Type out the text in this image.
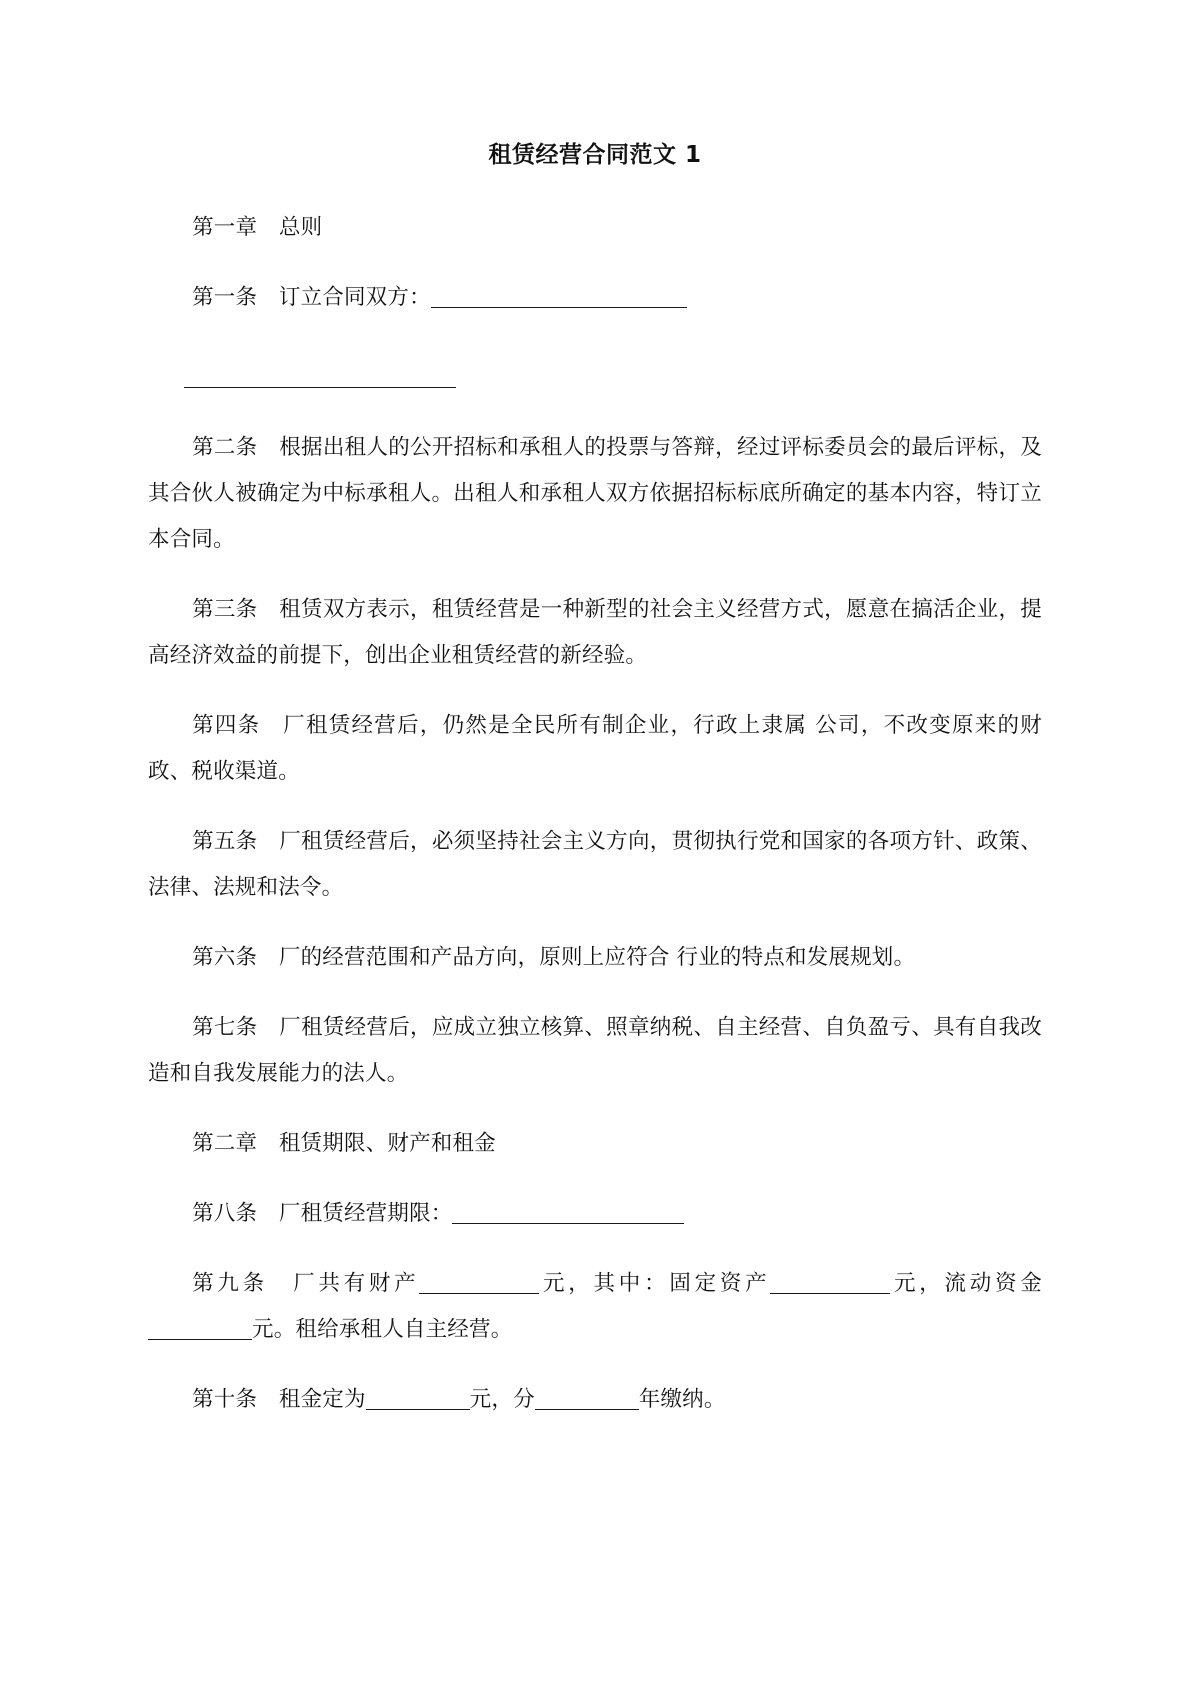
租赁经营合同范文 1

第一章　总则

第一条　订立合同双方：

第二条　根据出租人的公开招标和承租人的投票与答辩，经过评标委员会的最后评标，及其合伙人被确定为中标承租人。出租人和承租人双方依据招标标底所确定的基本内容，特订立本合同。

第三条　租赁双方表示，租赁经营是一种新型的社会主义经营方式，愿意在搞活企业，提高经济效益的前提下，创出企业租赁经营的新经验。

第四条　厂租赁经营后，仍然是全民所有制企业，行政上隶属 公司，不改变原来的财政、税收渠道。

第五条　厂租赁经营后，必须坚持社会主义方向，贯彻执行党和国家的各项方针、政策、法律、法规和法令。

第六条　厂的经营范围和产品方向，原则上应符合 行业的特点和发展规划。

第七条　厂租赁经营后，应成立独立核算、照章纳税、自主经营、自负盈亏、具有自我改造和自我发展能力的法人。

第二章　租赁期限、财产和租金

第八条　厂租赁经营期限：

第九条　厂共有财产	元，其中：固定资产	元，流动资金元。租给承租人自主经营。

第十条　租金定为	元，分	年缴纳。
